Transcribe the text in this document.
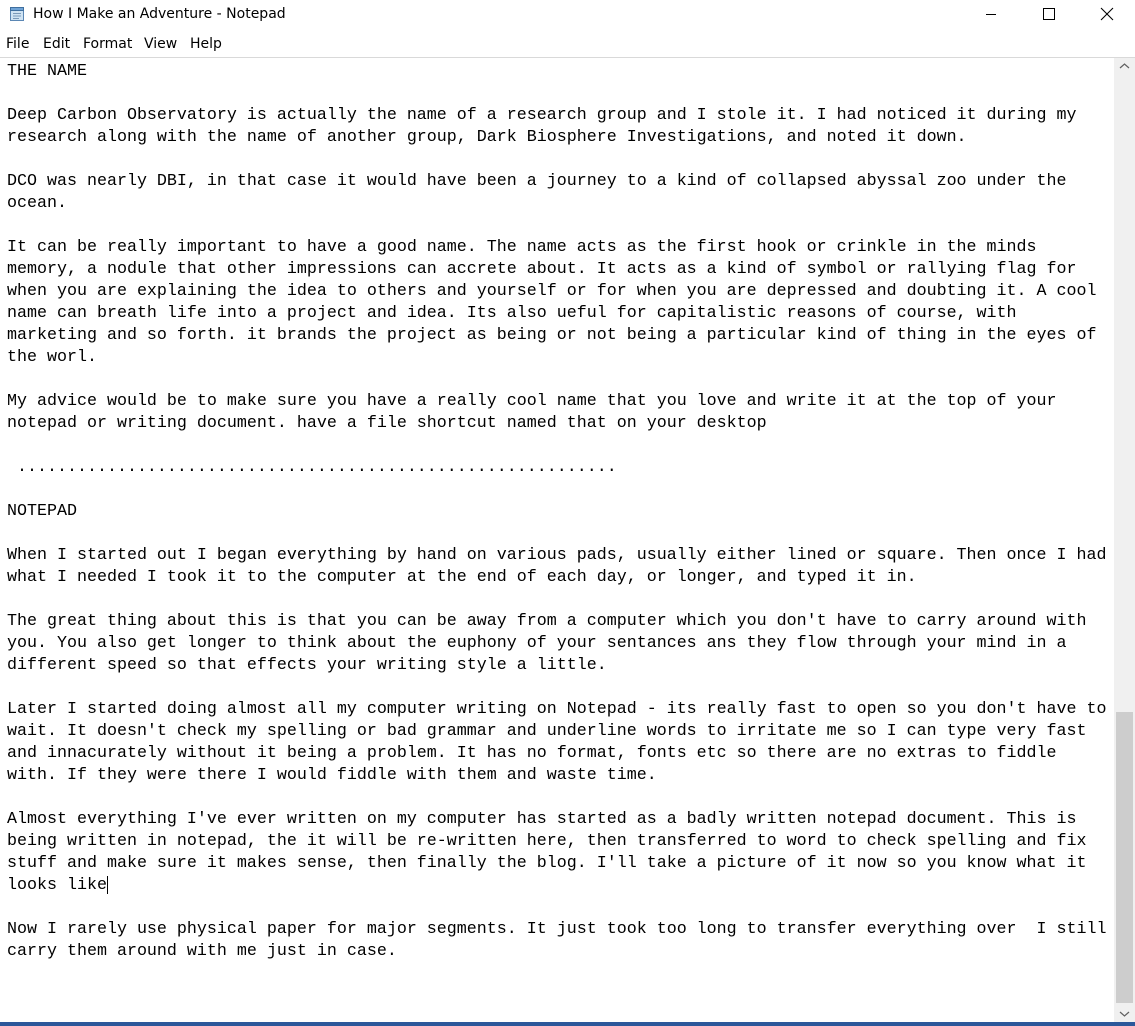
How I Make an Adventure - Notepad
File Edit Format View Help
THE NAME

Deep Carbon Observatory is actually the name of a research group and I stole it. I had noticed it during my
research along with the name of another group, Dark Biosphere Investigations, and noted it down.

DCO was nearly DBI, in that case it would have been a journey to a kind of collapsed abyssal zoo under the
ocean.

It can be really important to have a good name. The name acts as the first hook or crinkle in the minds
memory, a nodule that other impressions can accrete about. It acts as a kind of symbol or rallying flag for
when you are explaining the idea to others and yourself or for when you are depressed and doubting it. A cool
name can breath life into a project and idea. Its also ueful for capitalistic reasons of course, with
marketing and so forth. it brands the project as being or not being a particular kind of thing in the eyes of
the worl.

My advice would be to make sure you have a really cool name that you love and write it at the top of your
notepad or writing document. have a file shortcut named that on your desktop

............................................................

NOTEPAD

When I started out I began everything by hand on various pads, usually either lined or square. Then once I had
what I needed I took it to the computer at the end of each day, or longer, and typed it in.

The great thing about this is that you can be away from a computer which you don't have to carry around with
you. You also get longer to think about the euphony of your sentances ans they flow through your mind in a
different speed so that effects your writing style a little.

Later I started doing almost all my computer writing on Notepad - its really fast to open so you don't have to
wait. It doesn't check my spelling or bad grammar and underline words to irritate me so I can type very fast
and innacurately without it being a problem. It has no format, fonts etc so there are no extras to fiddle
with. If they were there I would fiddle with them and waste time.

Almost everything I've ever written on my computer has started as a badly written notepad document. This is
being written in notepad, the it will be re-written here, then transferred to word to check spelling and fix
stuff and make sure it makes sense, then finally the blog. I'll take a picture of it now so you know what it
looks like

Now I rarely use physical paper for major segments. It just took too long to transfer everything over  I still
carry them around with me just in case.
